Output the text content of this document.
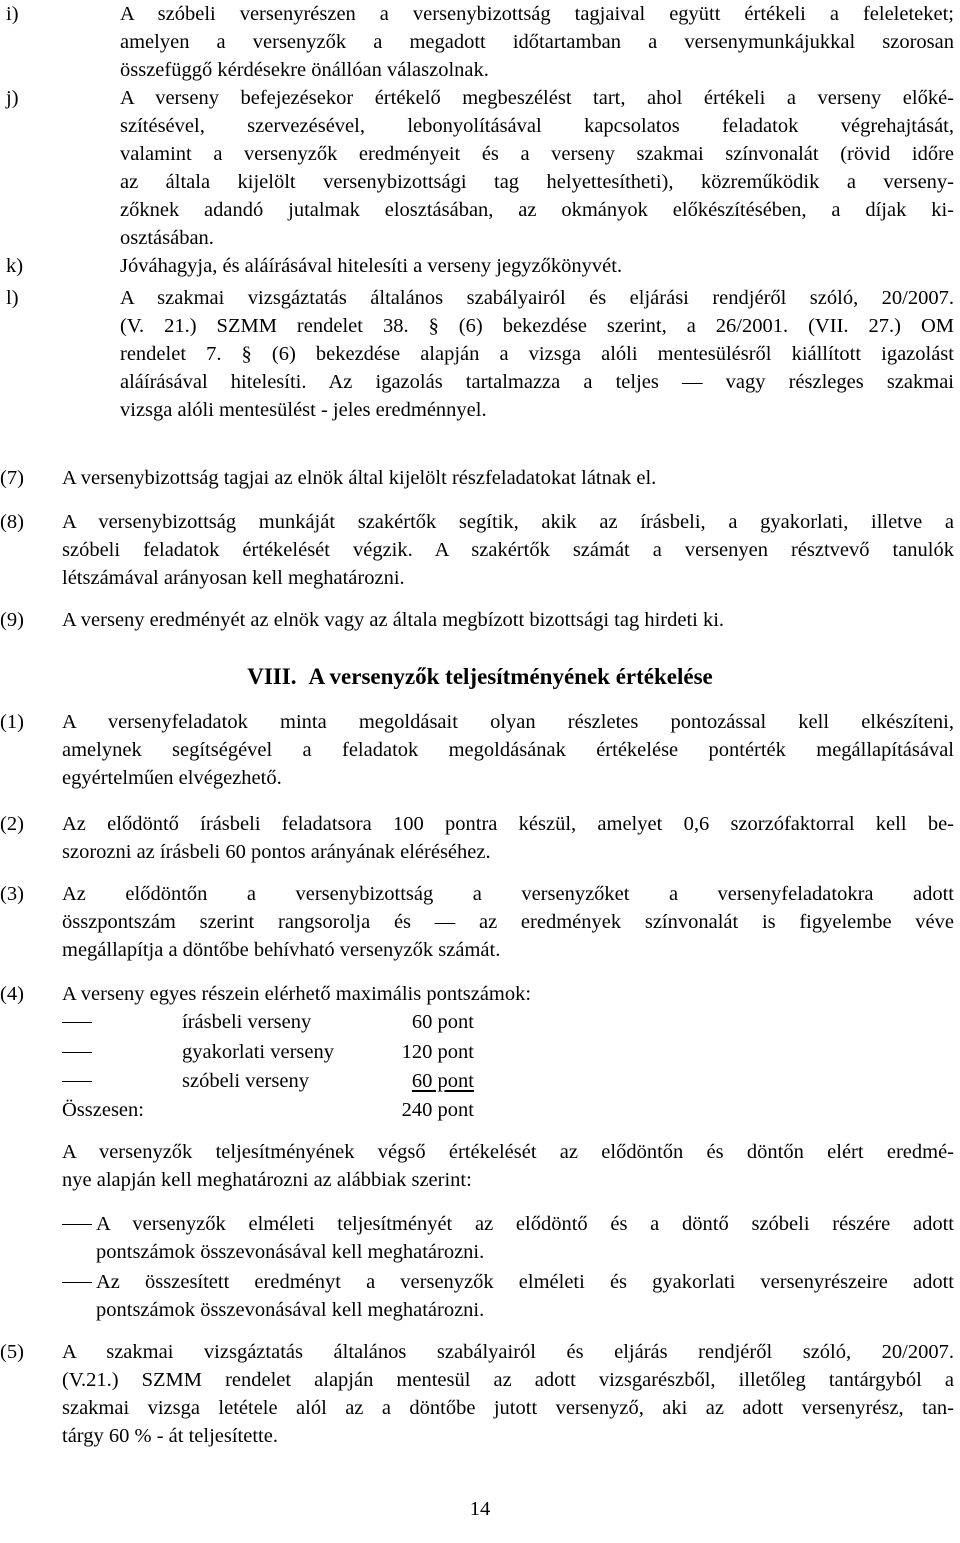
i)	A szóbeli versenyrészen a versenybizottság tagjaival együtt értékeli a feleleteket;
amelyen a versenyzők a megadott időtartamban a versenymunkájukkal szorosan
összefüggő kérdésekre önállóan válaszolnak.
j)	A verseny befejezésekor értékelő megbeszélést tart, ahol értékeli a verseny előké-
szítésével, szervezésével, lebonyolításával kapcsolatos feladatok végrehajtását,
valamint a versenyzők eredményeit és a verseny szakmai színvonalát (rövid időre
az általa kijelölt versenybizottsági tag helyettesítheti), közreműködik a verseny-
zőknek adandó jutalmak elosztásában, az okmányok előkészítésében, a díjak ki-
osztásában.
k)	Jóváhagyja, és aláírásával hitelesíti a verseny jegyzőkönyvét.
l)	A szakmai vizsgáztatás általános szabályairól és eljárási rendjéről szóló, 20/2007.
(V. 21.) SZMM rendelet 38. § (6) bekezdése szerint, a 26/2001. (VII. 27.) OM
rendelet 7. § (6) bekezdése alapján a vizsga alóli mentesülésről kiállított igazolást
aláírásával hitelesíti. Az igazolás tartalmazza a teljes — vagy részleges szakmai
vizsga alóli mentesülést - jeles eredménnyel.
(7) A versenybizottság tagjai az elnök által kijelölt részfeladatokat látnak el.
(8) A versenybizottság munkáját szakértők segítik, akik az írásbeli, a gyakorlati, illetve a
szóbeli feladatok értékelését végzik. A szakértők számát a versenyen résztvevő tanulók
létszámával arányosan kell meghatározni.
(9) A verseny eredményét az elnök vagy az általa megbízott bizottsági tag hirdeti ki.
VIII. A versenyzők teljesítményének értékelése
(1) A versenyfeladatok minta megoldásait olyan részletes pontozással kell elkészíteni,
amelynek segítségével a feladatok megoldásának értékelése pontérték megállapításával
egyértelműen elvégezhető.
(2) Az elődöntő írásbeli feladatsora 100 pontra készül, amelyet 0,6 szorzófaktorral kell be-
szorozni az írásbeli 60 pontos arányának eléréséhez.
(3) Az elődöntőn a versenybizottság a versenyzőket a versenyfeladatokra adott
összpontszám szerint rangsorolja és — az eredmények színvonalát is figyelembe véve
megállapítja a döntőbe behívható versenyzők számát.
(4) A verseny egyes részein elérhető maximális pontszámok:
írásbeli verseny	60 pont
gyakorlati verseny	120 pont
szóbeli verseny	60 pont
Összesen:	240 pont
A versenyzők teljesítményének végső értékelését az elődöntőn és döntőn elért eredmé-
nye alapján kell meghatározni az alábbiak szerint:
A versenyzők elméleti teljesítményét az elődöntő és a döntő szóbeli részére adott
pontszámok összevonásával kell meghatározni.
Az összesített eredményt a versenyzők elméleti és gyakorlati versenyrészeire adott
pontszámok összevonásával kell meghatározni.
(5) A szakmai vizsgáztatás általános szabályairól és eljárás rendjéről szóló, 20/2007.
(V.21.) SZMM rendelet alapján mentesül az adott vizsgarészből, illetőleg tantárgyból a
szakmai vizsga letétele alól az a döntőbe jutott versenyző, aki az adott versenyrész, tan-
tárgy 60 % - át teljesítette.
14
